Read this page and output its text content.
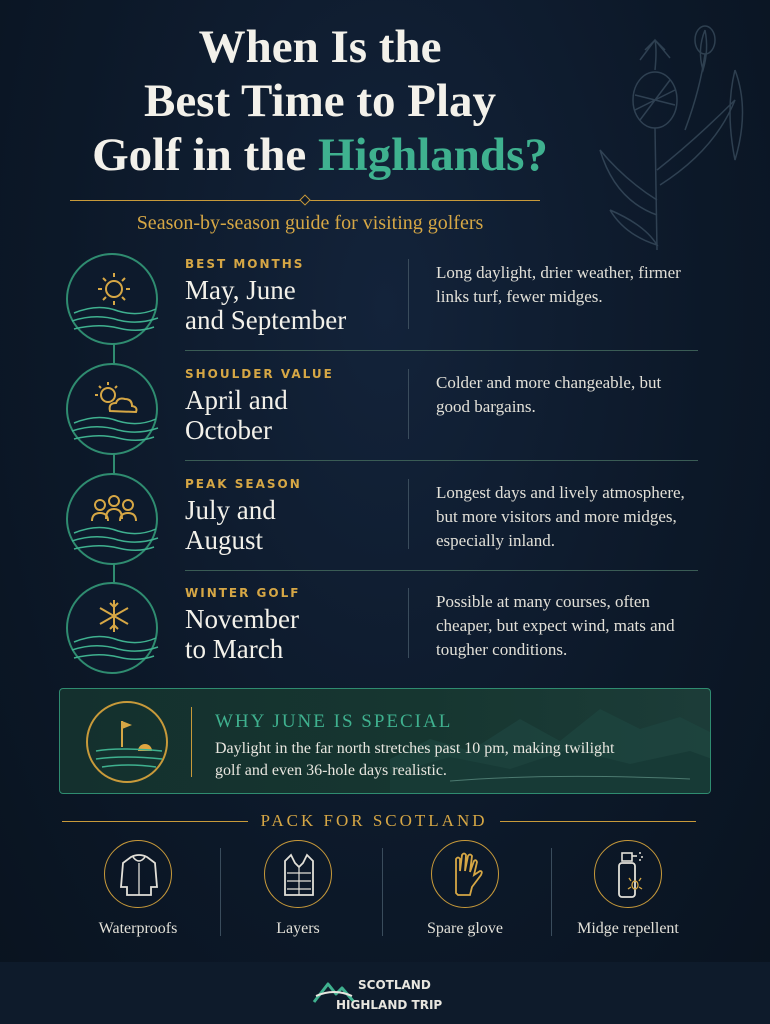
When Is the
Best Time to Play
Golf in the Highlands?
Season-by-season guide for visiting golfers
BEST MONTHS
May, June
and September
Long daylight, drier weather, firmer links turf, fewer midges.
SHOULDER VALUE
April and
October
Colder and more changeable, but good bargains.
PEAK SEASON
July and
August
Longest days and lively atmosphere, but more visitors and more midges, especially inland.
WINTER GOLF
November
to March
Possible at many courses, often cheaper, but expect wind, mats and tougher conditions.
WHY JUNE IS SPECIAL
Daylight in the far north stretches past 10 pm, making twilight golf and even 36-hole days realistic.
PACK FOR SCOTLAND
Waterproofs	Layers	Spare glove	Midge repellent
SCOTLAND
HIGHLAND TRIP
